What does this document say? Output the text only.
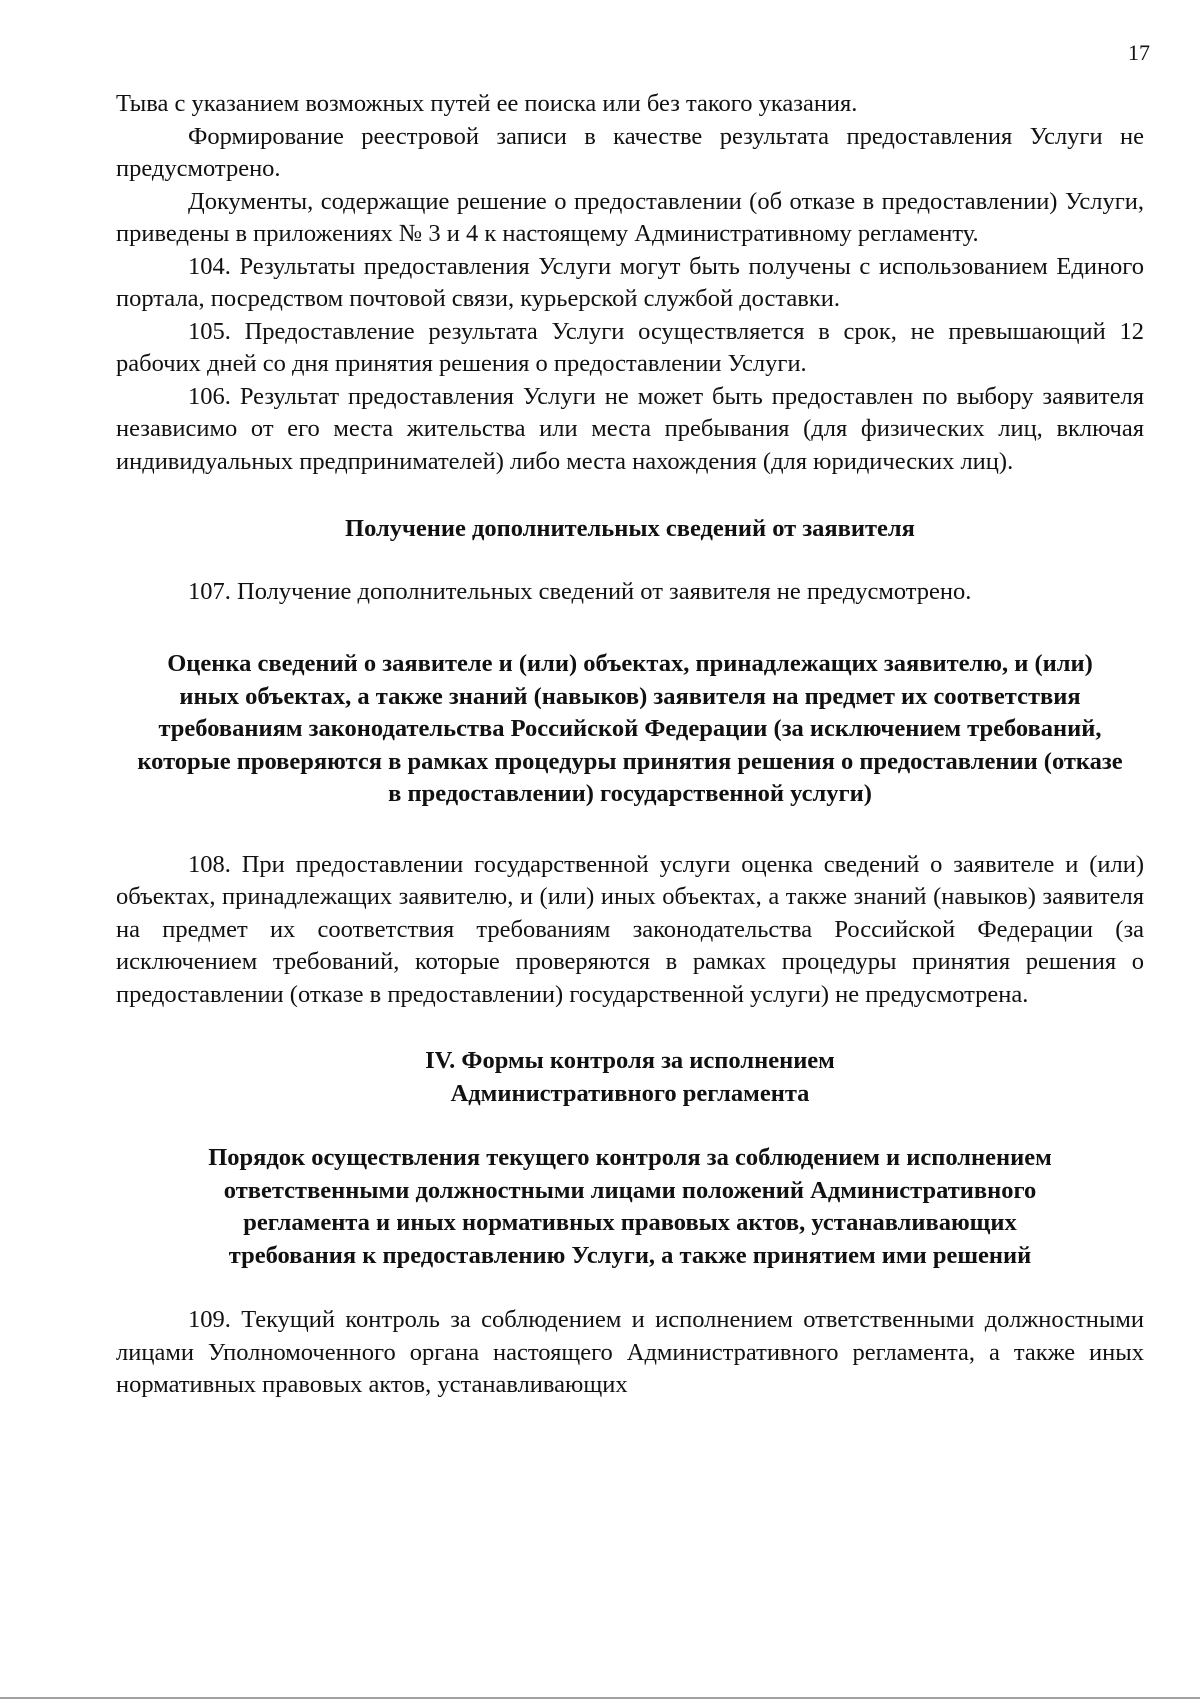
17

Тыва с указанием возможных путей ее поиска или без такого указания.

Формирование реестровой записи в качестве результата предоставления Услуги не предусмотрено.

Документы, содержащие решение о предоставлении (об отказе в предоставлении) Услуги, приведены в приложениях № 3 и 4 к настоящему Административному регламенту.

104. Результаты предоставления Услуги могут быть получены с использованием Единого портала, посредством почтовой связи, курьерской службой доставки.

105. Предоставление результата Услуги осуществляется в срок, не превышающий 12 рабочих дней со дня принятия решения о предоставлении Услуги.

106. Результат предоставления Услуги не может быть предоставлен по выбору заявителя независимо от его места жительства или места пребывания (для физических лиц, включая индивидуальных предпринимателей) либо места нахождения (для юридических лиц).

Получение дополнительных сведений от заявителя

107. Получение дополнительных сведений от заявителя не предусмотрено.

Оценка сведений о заявителе и (или) объектах, принадлежащих заявителю, и (или) иных объектах, а также знаний (навыков) заявителя на предмет их соответствия требованиям законодательства Российской Федерации (за исключением требований, которые проверяются в рамках процедуры принятия решения о предоставлении (отказе в предоставлении) государственной услуги)

108. При предоставлении государственной услуги оценка сведений о заявителе и (или) объектах, принадлежащих заявителю, и (или) иных объектах, а также знаний (навыков) заявителя на предмет их соответствия требованиям законодательства Российской Федерации (за исключением требований, которые проверяются в рамках процедуры принятия решения о предоставлении (отказе в предоставлении) государственной услуги) не предусмотрена.

IV. Формы контроля за исполнением Административного регламента
Порядок осуществления текущего контроля за соблюдением и исполнением ответственными должностными лицами положений Административного регламента и иных нормативных правовых актов, устанавливающих требования к предоставлению Услуги, а также принятием ими решений

109. Текущий контроль за соблюдением и исполнением ответственными должностными лицами Уполномоченного органа настоящего Административного регламента, а также иных нормативных правовых актов, устанавливающих
